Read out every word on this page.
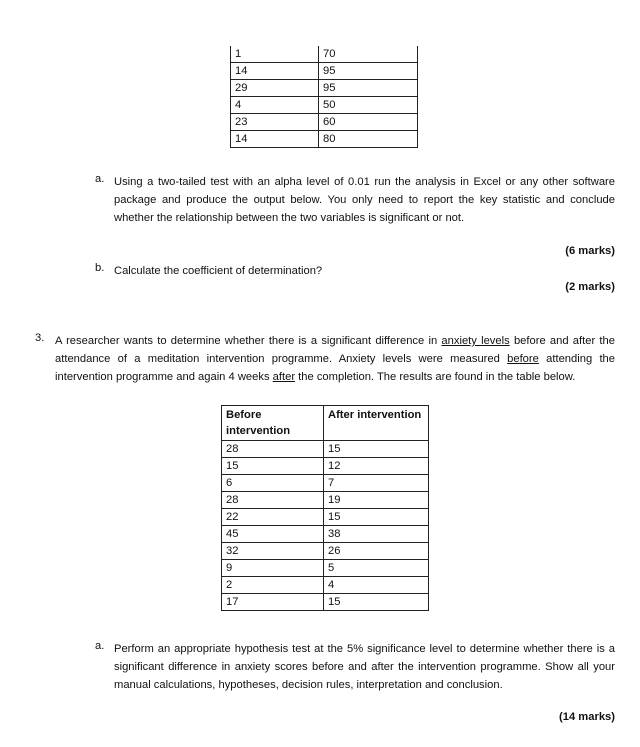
1	70
14	95
29	95
4	50
23	60
14	80
a. Using a two-tailed test with an alpha level of 0.01 run the analysis in Excel or any other software package and produce the output below. You only need to report the key statistic and conclude whether the relationship between the two variables is significant or not.
(6 marks)
b. Calculate the coefficient of determination?
(2 marks)
3. A researcher wants to determine whether there is a significant difference in anxiety levels before and after the attendance of a meditation intervention programme. Anxiety levels were measured before attending the intervention programme and again 4 weeks after the completion. The results are found in the table below.
Before intervention	After intervention
28	15
15	12
6	7
28	19
22	15
45	38
32	26
9	5
2	4
17	15
a. Perform an appropriate hypothesis test at the 5% significance level to determine whether there is a significant difference in anxiety scores before and after the intervention programme. Show all your manual calculations, hypotheses, decision rules, interpretation and conclusion.
(14 marks)
